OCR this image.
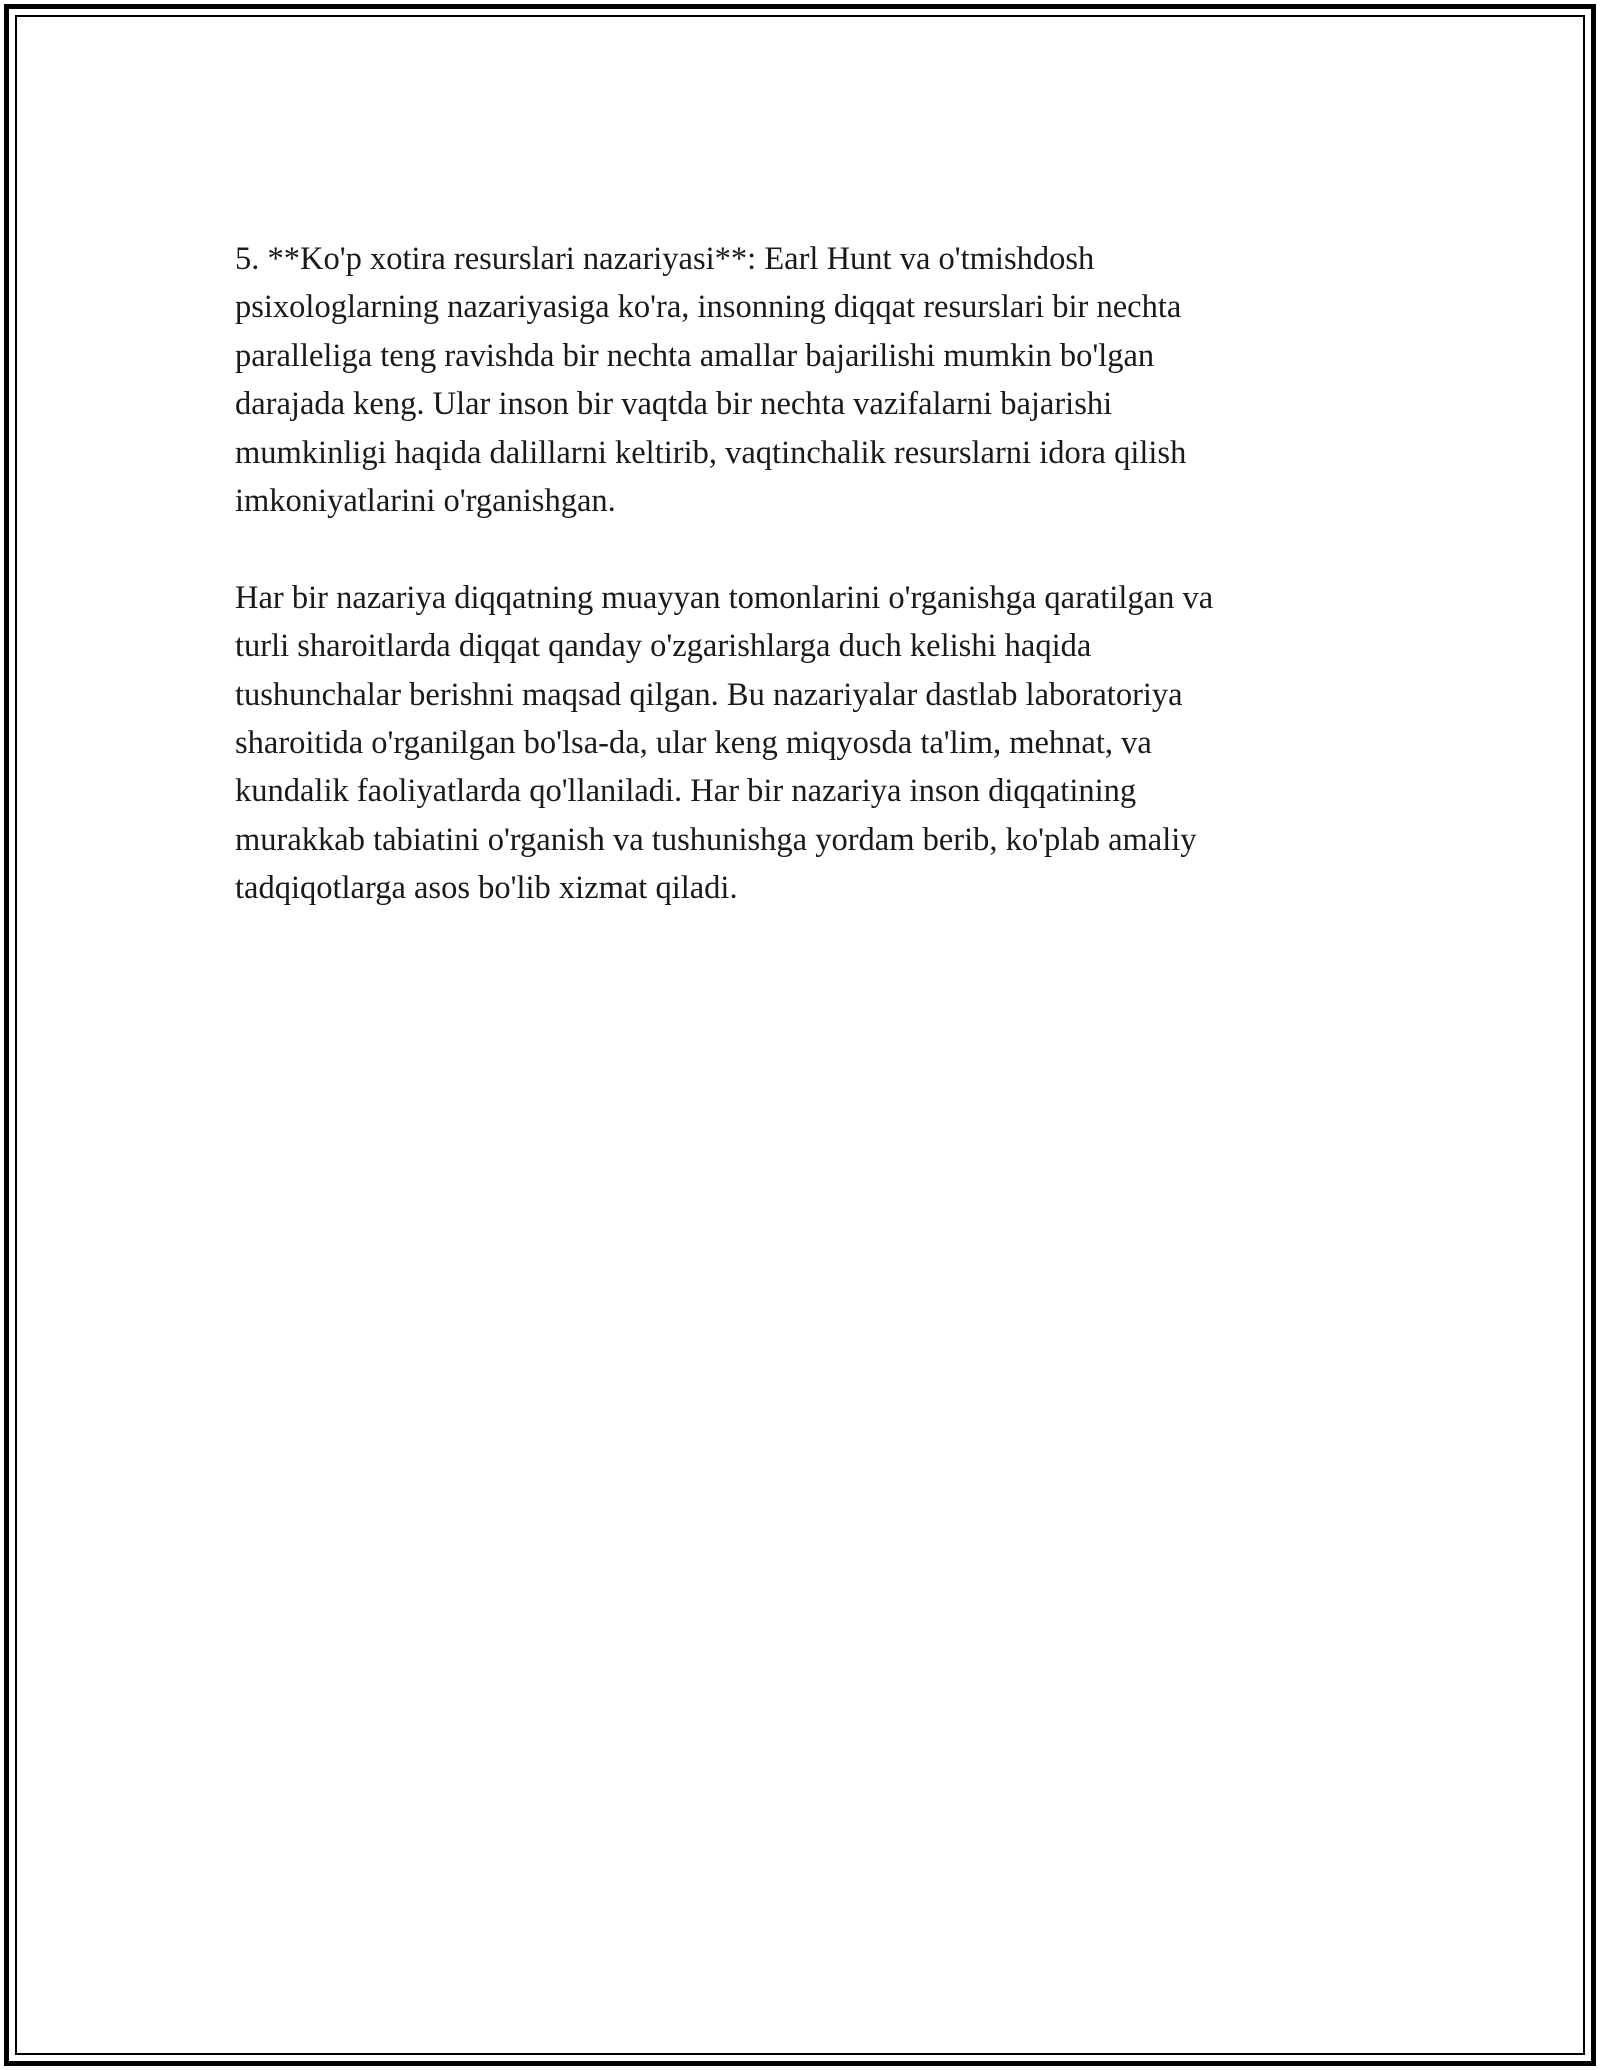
5. **Ko'p xotira resurslari nazariyasi**: Earl Hunt va o'tmishdosh
psixologlarning nazariyasiga ko'ra, insonning diqqat resurslari bir nechta
paralleliga teng ravishda bir nechta amallar bajarilishi mumkin bo'lgan
darajada keng. Ular inson bir vaqtda bir nechta vazifalarni bajarishi
mumkinligi haqida dalillarni keltirib, vaqtinchalik resurslarni idora qilish
imkoniyatlarini o'rganishgan.

Har bir nazariya diqqatning muayyan tomonlarini o'rganishga qaratilgan va
turli sharoitlarda diqqat qanday o'zgarishlarga duch kelishi haqida
tushunchalar berishni maqsad qilgan. Bu nazariyalar dastlab laboratoriya
sharoitida o'rganilgan bo'lsa-da, ular keng miqyosda ta'lim, mehnat, va
kundalik faoliyatlarda qo'llaniladi. Har bir nazariya inson diqqatining
murakkab tabiatini o'rganish va tushunishga yordam berib, ko'plab amaliy
tadqiqotlarga asos bo'lib xizmat qiladi.
